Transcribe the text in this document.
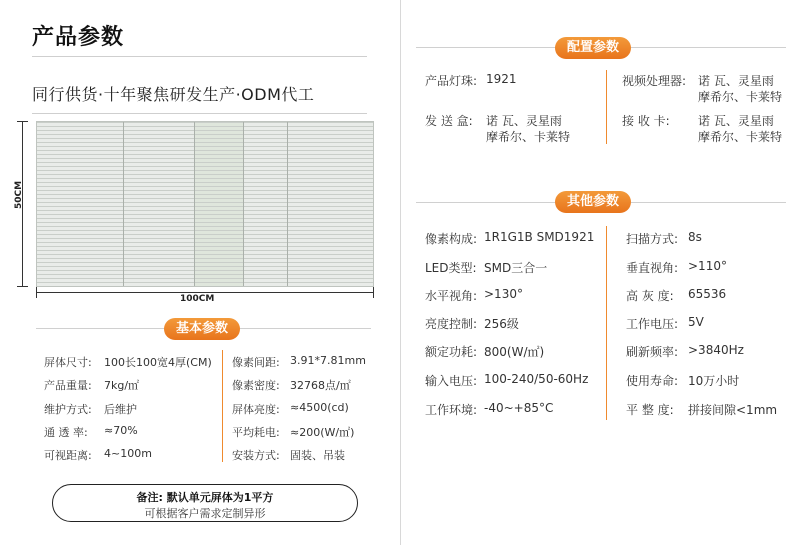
产品参数
同行供货·十年聚焦研发生产·ODM代工
100CM
50CM
基本参数
屏体尺寸: 100长100宽4厚(CM)
产品重量: 7kg/㎡
维护方式: 后维护
通 透 率: ≈70%
可视距离: 4~100m
像素间距: 3.91*7.81mm
像素密度: 32768点/㎡
屏体亮度: ≈4500(cd)
平均耗电: ≈200(W/㎡)
安装方式: 固装、吊装
备注: 默认单元屏体为1平方
可根据客户需求定制异形
配置参数
产品灯珠: 1921	视频处理器: 诺 瓦、灵星雨
摩希尔、卡莱特
发 送 盒: 诺 瓦、灵星雨
摩希尔、卡莱特
接 收 卡: 诺 瓦、灵星雨
摩希尔、卡莱特
其他参数
像素构成: 1R1G1B SMD1921
LED类型: SMD三合一
水平视角: >130°
亮度控制: 256级
额定功耗: 800(W/㎡)
输入电压: 100-240/50-60Hz
工作环境: -40~+85°C
扫描方式: 8s
垂直视角: >110°
高 灰 度: 65536
工作电压: 5V
刷新频率: >3840Hz
使用寿命: 10万小时
平 整 度: 拼接间隙<1mm
